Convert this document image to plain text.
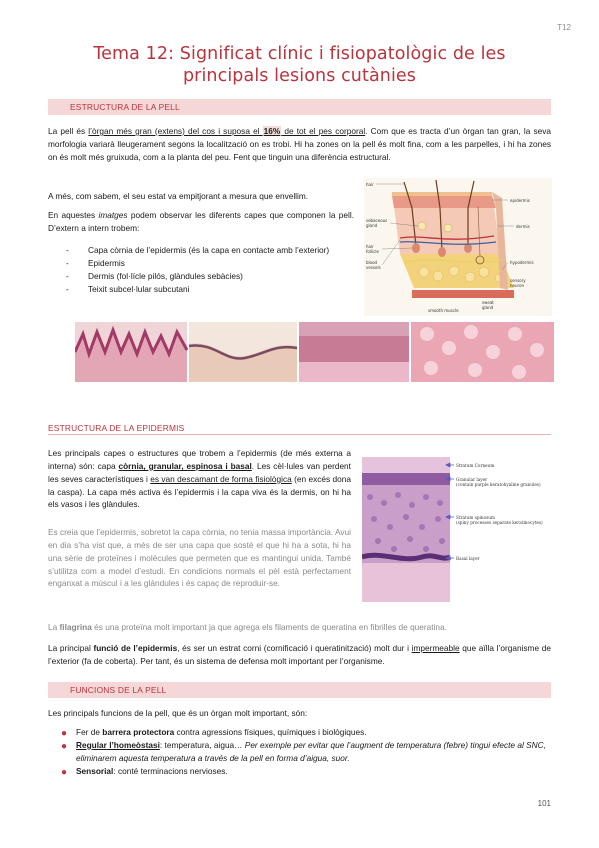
T12
Tema 12: Significat clínic i fisiopatològic de les
principals lesions cutànies
ESTRUCTURA DE LA PELL
La pell és l’òrgan més gran (extens) del cos i suposa el 16% de tot el pes corporal. Com que es tracta d’un òrgan tan gran, la seva morfologia variarà lleugerament segons la localització on es trobi. Hi ha zones on la pell és molt fina, com a les parpelles, i hi ha zones on és molt més gruixuda, com a la planta del peu. Fent que tinguin una diferència estructural.
A més, com sabem, el seu estat va empitjorant a mesura que envellim.
En aquestes imatges podem observar les diferents capes que componen la pell. D’extern a intern trobem:
- Capa còrnia de l’epidermis (és la capa en contacte amb l’exterior)
- Epidermis
- Dermis (fol·lícle pilós, glàndules sebàcies)
- Teixit subcel·lular subcutani
hair
epidermis
sebaceous
gland	dermis
hair
follicle
blood
vessels
hypodermis
sensory
neuron
sweat
gland
smooth muscle
ESTRUCTURA DE LA EPIDERMIS
Les principals capes o estructures que trobem a l’epidermis (de més externa a interna) són: capa còrnia, granular, espinosa i basal. Les cèl·lules van perdent les seves característiques i es van descamant de forma fisiològica (en excés dona la caspa). La capa més activa és l’epidermis i la capa viva és la dermis, on hi ha els vasos i les glàndules.
Es creia que l’epidermis, sobretot la capa còrnia, no tenia massa importància. Avui en dia s’ha vist que, a més de ser una capa que sosté el que hi ha a sota, hi ha una sèrie de proteïnes i molècules que permeten que es mantingui unida. També s’utilitza com a model d’estudi. En condicions normals el pèl està perfectament enganxat a múscul i a les glàndules i és capaç de reproduir-se.
La filagrina és una proteïna molt important ja que agrega els filaments de queratina en fibrilles de queratina.
La principal funció de l’epidermis, és ser un estrat corni (cornificació i queratinització) molt dur i impermeable que aïlla l’organisme de l’exterior (fa de coberta). Per tant, és un sistema de defensa molt important per l’organisme.
Stratum Corneum
Granular layer
(contain purple keratohyaline granules)
Stratum spinosum
(spiny processes separate keratinocytes)
Basal layer
FUNCIONS DE LA PELL
Les principals funcions de la pell, que és un òrgan molt important, són:
● Fer de barrera protectora contra agressions físiques, químiques i biològiques.
● Regular l’homeòstasi: temperatura, aigua… Per exemple per evitar que l’augment de temperatura (febre) tingui efecte al SNC, eliminarem aquesta temperatura a través de la pell en forma d’aigua, suor.
● Sensorial: conté terminacions nervioses.
101
